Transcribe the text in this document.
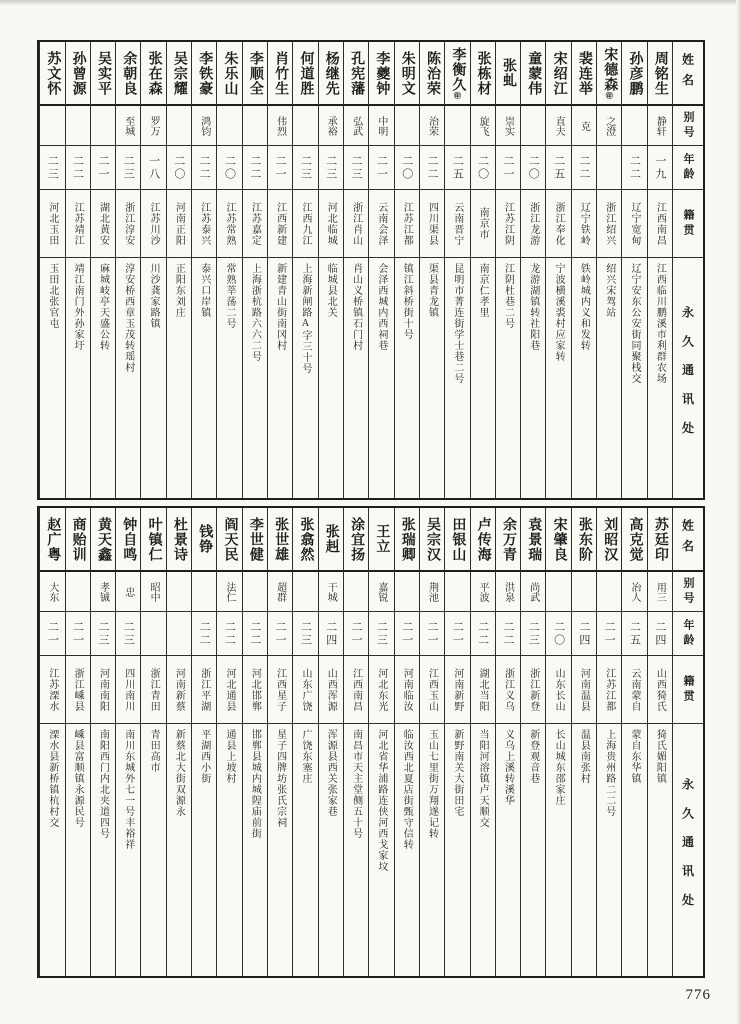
姓名
别号
年龄
籍贯
永久通讯处
周铭生
静轩
一九
江西南昌
江西临川鹏溪市利群农场
孙彦鹏
二二
辽宁宽甸
辽宁安东公安街同聚栈交
宋德森㊞
之澄
浙江绍兴
绍兴宋驾站
裴连举
克
二二
辽宁铁岭
铁岭城内义和发转
宋绍江
直夫
二五
浙江奉化
宁波横溪裘村应家转
童蒙伟
二〇
浙江龙游
龙游湖镇转社阳巷
张虬
崇实
二一
江苏江阴
江阴杜巷二号
张栋材
旋飞
二〇
南京市
南京仁孝里
李衡久㊞
二五
云南晋宁
昆明市菁连街学士巷二号
陈治荣
治荣
二二
四川渠县
渠县青龙镇
朱明文
二〇
江苏江都
镇江斜桥街十号
李夔钟
中明
二一
云南会泽
会泽西城内西祠巷
孔宪藩
弘武
二三
浙江肖山
肖山义桥镇石门村
杨继先
承裕
二三
河北临城
临城县北关
何道胜
二三
江西九江
上海新闸路A字三十号
肖竹生
伟烈
二一
江西新建
新建青山街南冈村
李顺全
二二
江苏嘉定
上海浙杭路六六二号
朱乐山
二〇
江苏常熟
常熟莘荡二号
李铁豪
鸿钧
二二
江苏泰兴
泰兴口岸镇
吴宗耀
二〇
河南正阳
正阳东刘庄
张在森
罗万
一八
江苏川沙
川沙龚家路镇
余朝良
至城
二三
浙江淳安
淳安桥西章玉茂转瑶村
吴实平
二一
湖北黄安
麻城岐亭天盛公转
孙曾源
二二
江苏靖江
靖江南门外孙家圩
苏文怀
二三
河北玉田
玉田北张官屯
姓名
别号
年龄
籍贯
永久通讯处
苏廷印
用三
二四
山西猗氏
猗氏媚阳镇
高克觉
冶人
二五
云南蒙自
蒙自东华镇
刘昭汉
二一
江苏江都
上海贵州路二二号
张东阶
二四
河南温县
温县南张村
宋肇良
二〇
山东长山
长山城东邵家庄
袁景瑞
尚武
二三
浙江新登
新登观音巷
余万青
洪泉
二二
浙江义乌
义乌上溪转溪华
卢传海
平波
二二
湖北当阳
当阳河溶镇卢天顺交
田银山
二一
河南新野
新野南关大街田宅
吴宗汉
荆池
二一
江西玉山
玉山七里街万翔遂记转
张瑞卿
二一
河南临汝
临汝西北夏店街甄守信转
王立
嘉锐
二三
河北东光
河北省华浦路连侠河西戈家坟
涂宜扬
二一
江西南昌
南昌市天主堂侧五十号
张赳
干城
二四
山西浑源
浑源县西关张家巷
张翕然
二三
山东广饶
广饶东塞庄
张世雄
超群
二一
江西星子
星子四牌坊张氏宗祠
李世健
二二
河北邯郸
邯郸县城内城隍庙前街
阎天民
法仁
二二
河北通县
通县上坡村
钱铮
二二
浙江平湖
平湖西小街
杜景诗
河南新蔡
新蔡北大街双源永
叶镇仁
昭中
浙江青田
青田高市
钟自鸣
忠
二三
四川南川
南川东城外七一号丰裕祥
黄天鑫
孝铖
二三
河南南阳
南阳西门内北夹道四号
商贻训
二一
浙江嵊县
嵊县富顺镇永源民号
赵广粤
大东
二一
江苏溧水
溧水县新桥镇杭村交
776
